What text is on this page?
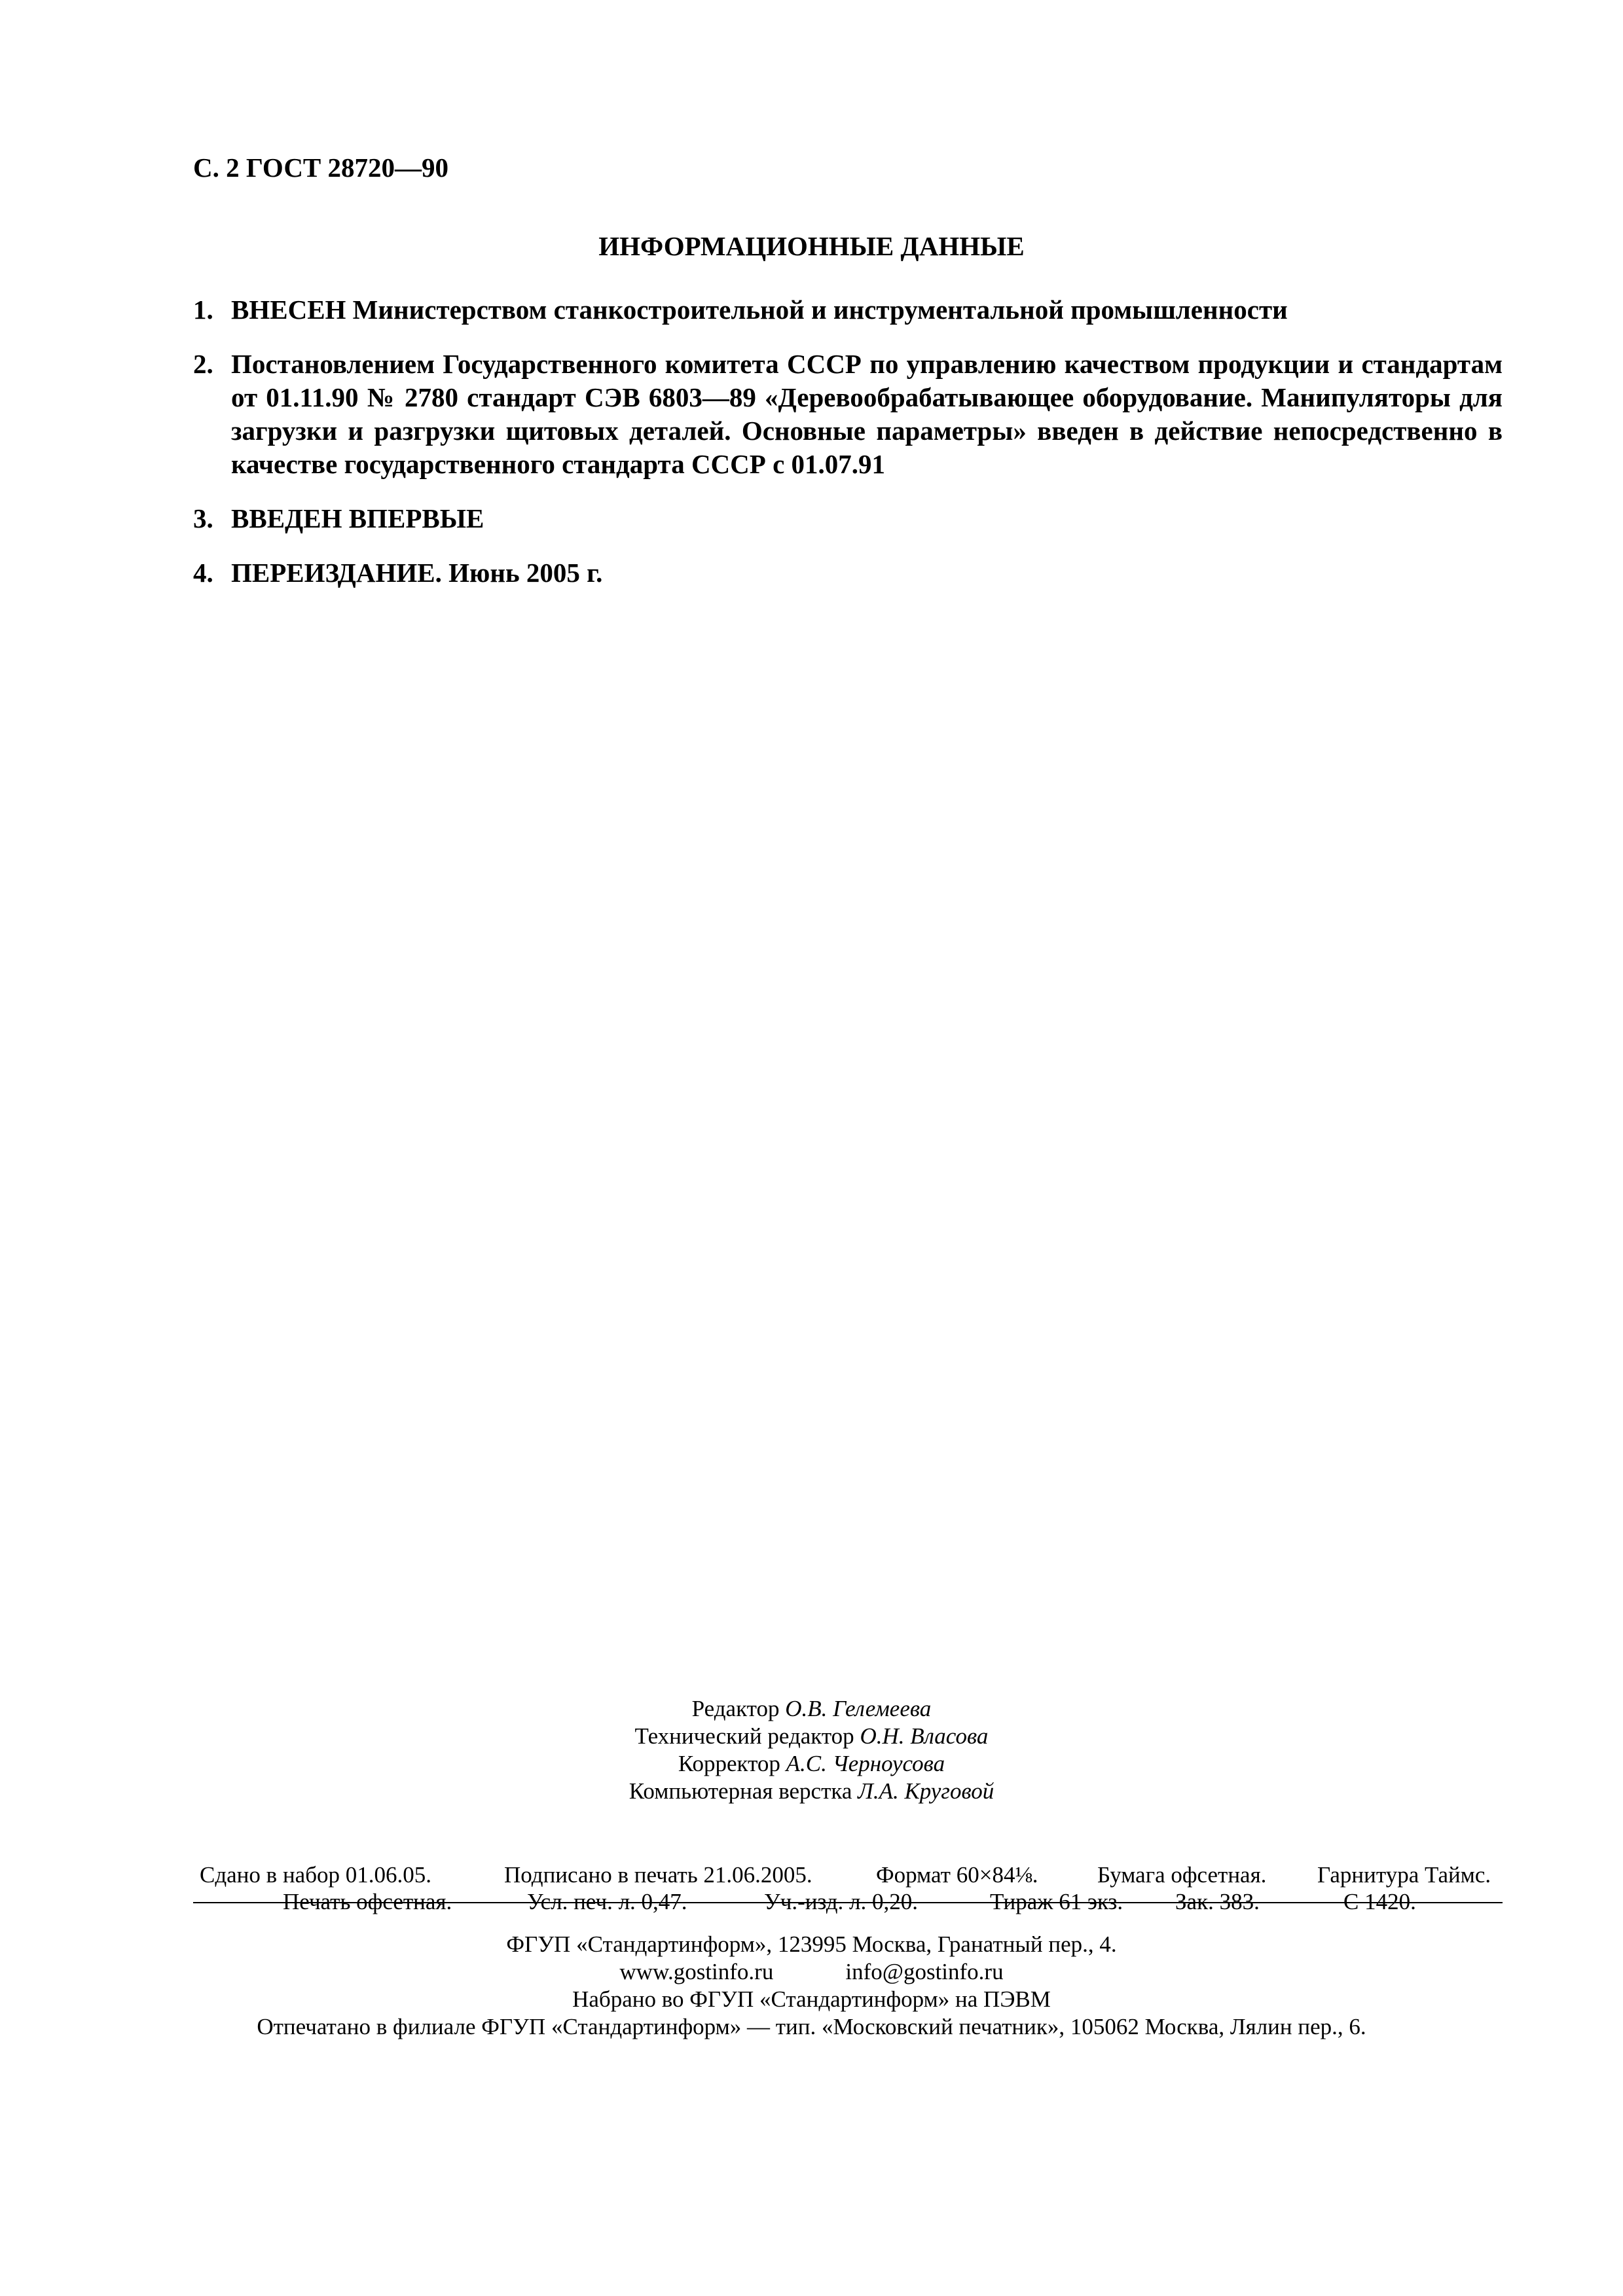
С. 2 ГОСТ 28720—90
ИНФОРМАЦИОННЫЕ ДАННЫЕ
1. ВНЕСЕН Министерством станкостроительной и инструментальной промышленности
2. Постановлением Государственного комитета СССР по управлению качеством продукции и стандартам от 01.11.90 № 2780 стандарт СЭВ 6803—89 «Деревообрабатывающее оборудование. Манипуляторы для загрузки и разгрузки щитовых деталей. Основные параметры» введен в действие непосредственно в качестве государственного стандарта СССР с 01.07.91
3. ВВЕДЕН ВПЕРВЫЕ
4. ПЕРЕИЗДАНИЕ. Июнь 2005 г.
Редактор О.В. Гелемеева
Технический редактор О.Н. Власова
Корректор А.С. Черноусова
Компьютерная верстка Л.А. Круговой
Сдано в набор 01.06.05.	Подписано в печать 21.06.2005.	Формат 60×84⅛.	Бумага офсетная. Гарнитура Таймс.
Печать офсетная.	Усл. печ. л. 0,47.	Уч.-изд. л. 0,20.	Тираж 61 экз. Зак. 383.	С 1420.
ФГУП «Стандартинформ», 123995 Москва, Гранатный пер., 4.
www.gostinfo.ru	info@gostinfo.ru
Набрано во ФГУП «Стандартинформ» на ПЭВМ
Отпечатано в филиале ФГУП «Стандартинформ» — тип. «Московский печатник», 105062 Москва, Лялин пер., 6.
